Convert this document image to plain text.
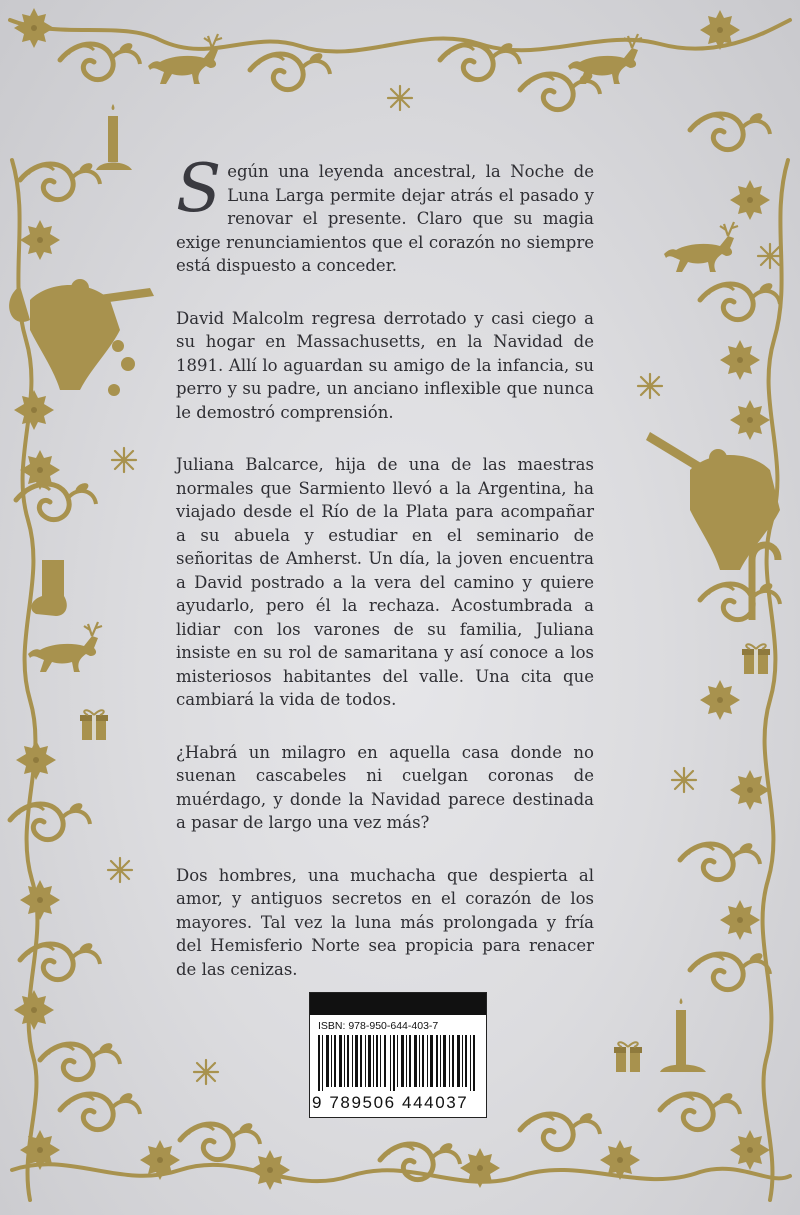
Según una leyenda ancestral, la Noche de Luna Larga permite dejar atrás el pasado y renovar el presente. Claro que su magia exige renunciamientos que el corazón no siempre está dispuesto a conceder.

David Malcolm regresa derrotado y casi ciego a su hogar en Massachusetts, en la Navidad de 1891. Allí lo aguardan su amigo de la infancia, su perro y su padre, un anciano inflexible que nunca le demostró comprensión.

Juliana Balcarce, hija de una de las maestras normales que Sarmiento llevó a la Argentina, ha viajado desde el Río de la Plata para acompañar a su abuela y estudiar en el seminario de señoritas de Amherst. Un día, la joven encuentra a David postrado a la vera del camino y quiere ayudarlo, pero él la rechaza. Acostumbrada a lidiar con los varones de su familia, Juliana insiste en su rol de samaritana y así conoce a los misteriosos habitantes del valle. Una cita que cambiará la vida de todos.

¿Habrá un milagro en aquella casa donde no suenan cascabeles ni cuelgan coronas de muérdago, y donde la Navidad parece destinada a pasar de largo una vez más?

Dos hombres, una muchacha que despierta al amor, y antiguos secretos en el corazón de los mayores. Tal vez la luna más prolongada y fría del Hemisferio Norte sea propicia para renacer de las cenizas.

ISBN: 978-950-644-403-7
9 789506 444037
